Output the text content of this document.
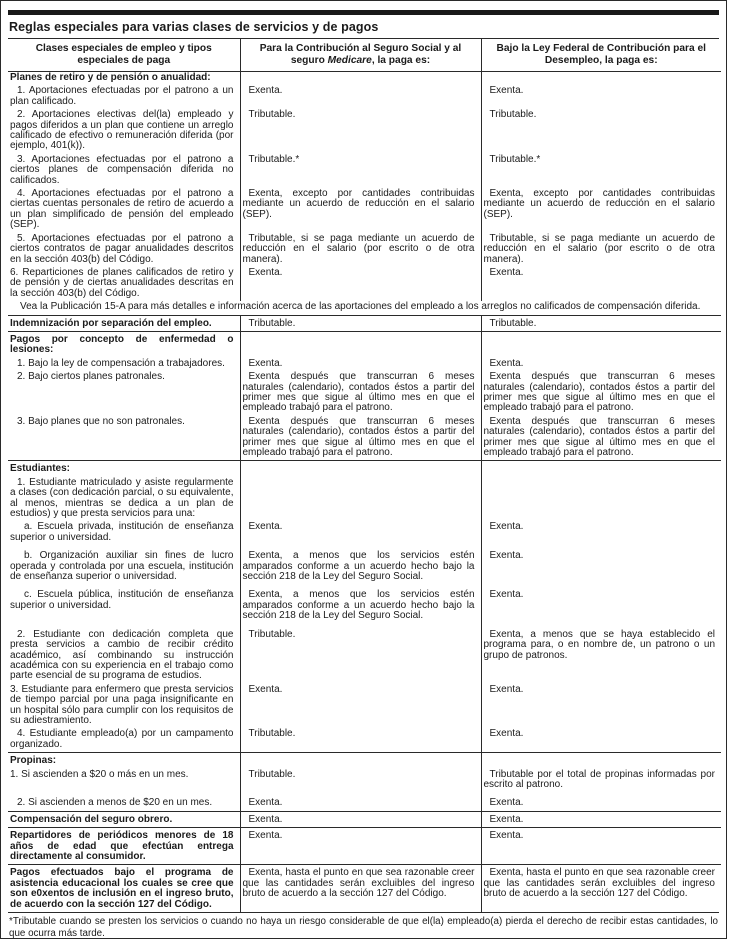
Reglas especiales para varias clases de servicios y de pagos
Clases especiales de empleo y tipos especiales de paga	Para la Contribución al Seguro Social y al seguro Medicare, la paga es:	Bajo la Ley Federal de Contribución para el Desempleo, la paga es:
Planes de retiro y de pensión o anualidad:		
1. Aportaciones efectuadas por el patrono a un plan calificado.	Exenta.	Exenta.
2. Aportaciones electivas del(la) empleado y pagos diferidos a un plan que contiene un arreglo calificado de efectivo o remuneración diferida (por ejemplo, 401(k)).	Tributable.	Tributable.
3. Aportaciones efectuadas por el patrono a ciertos planes de compensación diferida no calificados.	Tributable.*	Tributable.*
4. Aportaciones efectuadas por el patrono a ciertas cuentas personales de retiro de acuerdo a un plan simplificado de pensión del empleado (SEP).	Exenta, excepto por cantidades contribuidas mediante un acuerdo de reducción en el salario (SEP).	Exenta, excepto por cantidades contribuidas mediante un acuerdo de reducción en el salario (SEP).
5. Aportaciones efectuadas por el patrono a ciertos contratos de pagar anualidades descritos en la sección 403(b) del Código.	Tributable, si se paga mediante un acuerdo de reducción en el salario (por escrito o de otra manera).	Tributable, si se paga mediante un acuerdo de reducción en el salario (por escrito o de otra manera).
6. Reparticiones de planes calificados de retiro y de pensión y de ciertas anualidades descritas en la sección 403(b) del Código.	Exenta.	Exenta.
Vea la Publicación 15-A para más detalles e información acerca de las aportaciones del empleado a los arreglos no calificados de compensación diferida.		
Indemnización por separación del empleo.	Tributable.	Tributable.
Pagos por concepto de enfermedad o lesiones:		
1. Bajo la ley de compensación a trabajadores.	Exenta.	Exenta.
2. Bajo ciertos planes patronales.	Exenta después que transcurran 6 meses naturales (calendario), contados éstos a partir del primer mes que sigue al último mes en que el empleado trabajó para el patrono.	Exenta después que transcurran 6 meses naturales (calendario), contados éstos a partir del primer mes que sigue al último mes en que el empleado trabajó para el patrono.
3. Bajo planes que no son patronales.	Exenta después que transcurran 6 meses naturales (calendario), contados éstos a partir del primer mes que sigue al último mes en que el empleado trabajó para el patrono.	Exenta después que transcurran 6 meses naturales (calendario), contados éstos a partir del primer mes que sigue al último mes en que el empleado trabajó para el patrono.
Estudiantes:		
1. Estudiante matriculado y asiste regularmente a clases (con dedicación parcial, o su equivalente, al menos, mientras se dedica a un plan de estudios) y que presta servicios para una:		
a. Escuela privada, institución de enseñanza superior o universidad.	Exenta.	Exenta.
b. Organización auxiliar sin fines de lucro operada y controlada por una escuela, institución de enseñanza superior o universidad.	Exenta, a menos que los servicios estén amparados conforme a un acuerdo hecho bajo la sección 218 de la Ley del Seguro Social.	Exenta.
c. Escuela pública, institución de enseñanza superior o universidad.	Exenta, a menos que los servicios estén amparados conforme a un acuerdo hecho bajo la sección 218 de la Ley del Seguro Social.	Exenta.
2. Estudiante con dedicación completa que presta servicios a cambio de recibir crédito académico, así combinando su instrucción académica con su experiencia en el trabajo como parte esencial de su programa de estudios.	Tributable.	Exenta, a menos que se haya establecido el programa para, o en nombre de, un patrono o un grupo de patronos.
3. Estudiante para enfermero que presta servicios de tiempo parcial por una paga insignificante en un hospital sólo para cumplir con los requisitos de su adiestramiento.	Exenta.	Exenta.
4. Estudiante empleado(a) por un campamento organizado.	Tributable.	Exenta.
Propinas:		
1. Si ascienden a $20 o más en un mes.	Tributable.	Tributable por el total de propinas informadas por escrito al patrono.
2. Si ascienden a menos de $20 en un mes.	Exenta.	Exenta.
Compensación del seguro obrero.	Exenta.	Exenta.
Repartidores de periódicos menores de 18 años de edad que efectúan entrega directamente al consumidor.	Exenta.	Exenta.
Pagos efectuados bajo el programa de asistencia educacional los cuales se cree que son e0xentos de inclusión en el ingreso bruto, de acuerdo con la sección 127 del Código.	Exenta, hasta el punto en que sea razonable creer que las cantidades serán excluibles del ingreso bruto de acuerdo a la sección 127 del Código.	Exenta, hasta el punto en que sea razonable creer que las cantidades serán excluibles del ingreso bruto de acuerdo a la sección 127 del Código.
*Tributable cuando se presten los servicios o cuando no haya un riesgo considerable de que el(la) empleado(a) pierda el derecho de recibir estas cantidades, lo que ocurra más tarde.
